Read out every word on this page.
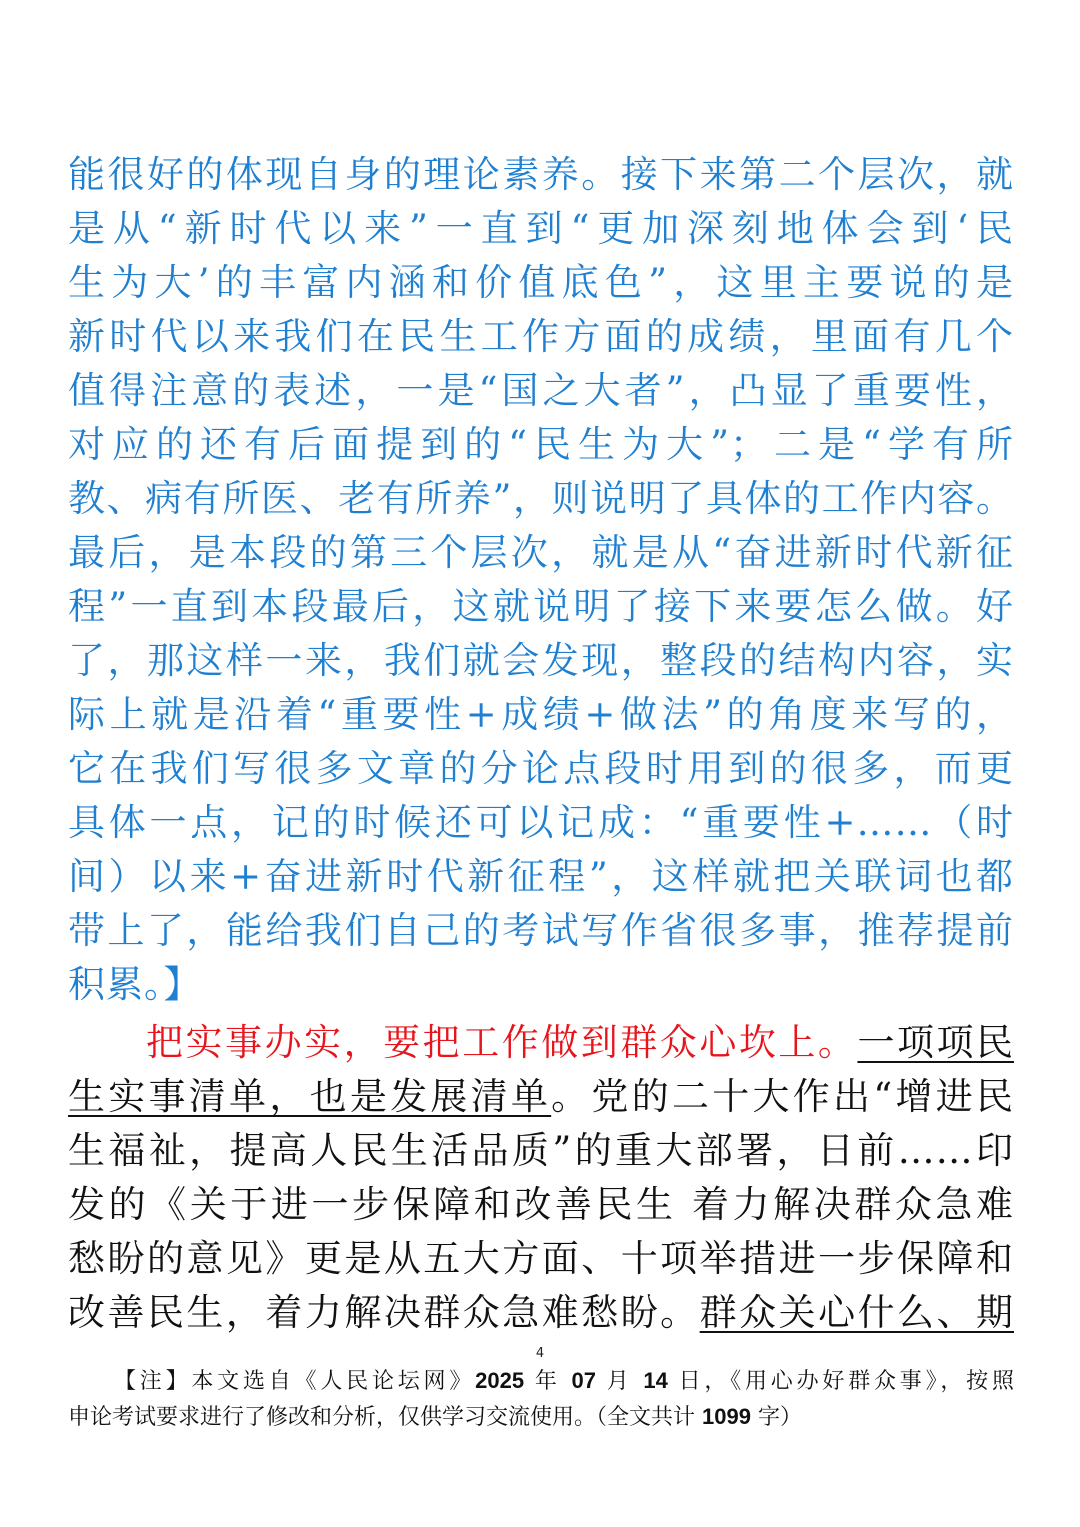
能很好的体现自身的理论素养。接下来第二个层次，就
是从“新时代以来”一直到“更加深刻地体会到‘民
生为大’的丰富内涵和价值底色”，这里主要说的是
新时代以来我们在民生工作方面的成绩，里面有几个
值得注意的表述，一是“国之大者”，凸显了重要性，
对应的还有后面提到的“民生为大”；二是“学有所
教、病有所医、老有所养”，则说明了具体的工作内容。
最后，是本段的第三个层次，就是从“奋进新时代新征
程”一直到本段最后，这就说明了接下来要怎么做。好
了，那这样一来，我们就会发现，整段的结构内容，实
际上就是沿着“重要性+成绩+做法”的角度来写的，
它在我们写很多文章的分论点段时用到的很多，而更
具体一点，记的时候还可以记成：“重要性+……（时
间）以来+奋进新时代新征程”，这样就把关联词也都
带上了，能给我们自己的考试写作省很多事，推荐提前
积累。】
把实事办实，要把工作做到群众心坎上。一项项民
生实事清单，也是发展清单。党的二十大作出“增进民
生福祉，提高人民生活品质”的重大部署，日前……印
发的《关于进一步保障和改善民生 着力解决群众急难
愁盼的意见》更是从五大方面、十项举措进一步保障和
改善民生，着力解决群众急难愁盼。群众关心什么、期
4
【注】本文选自《人民论坛网》2025 年 07 月 14 日，《用心办好群众事》，按照
申论考试要求进行了修改和分析，仅供学习交流使用。（全文共计 1099 字）
